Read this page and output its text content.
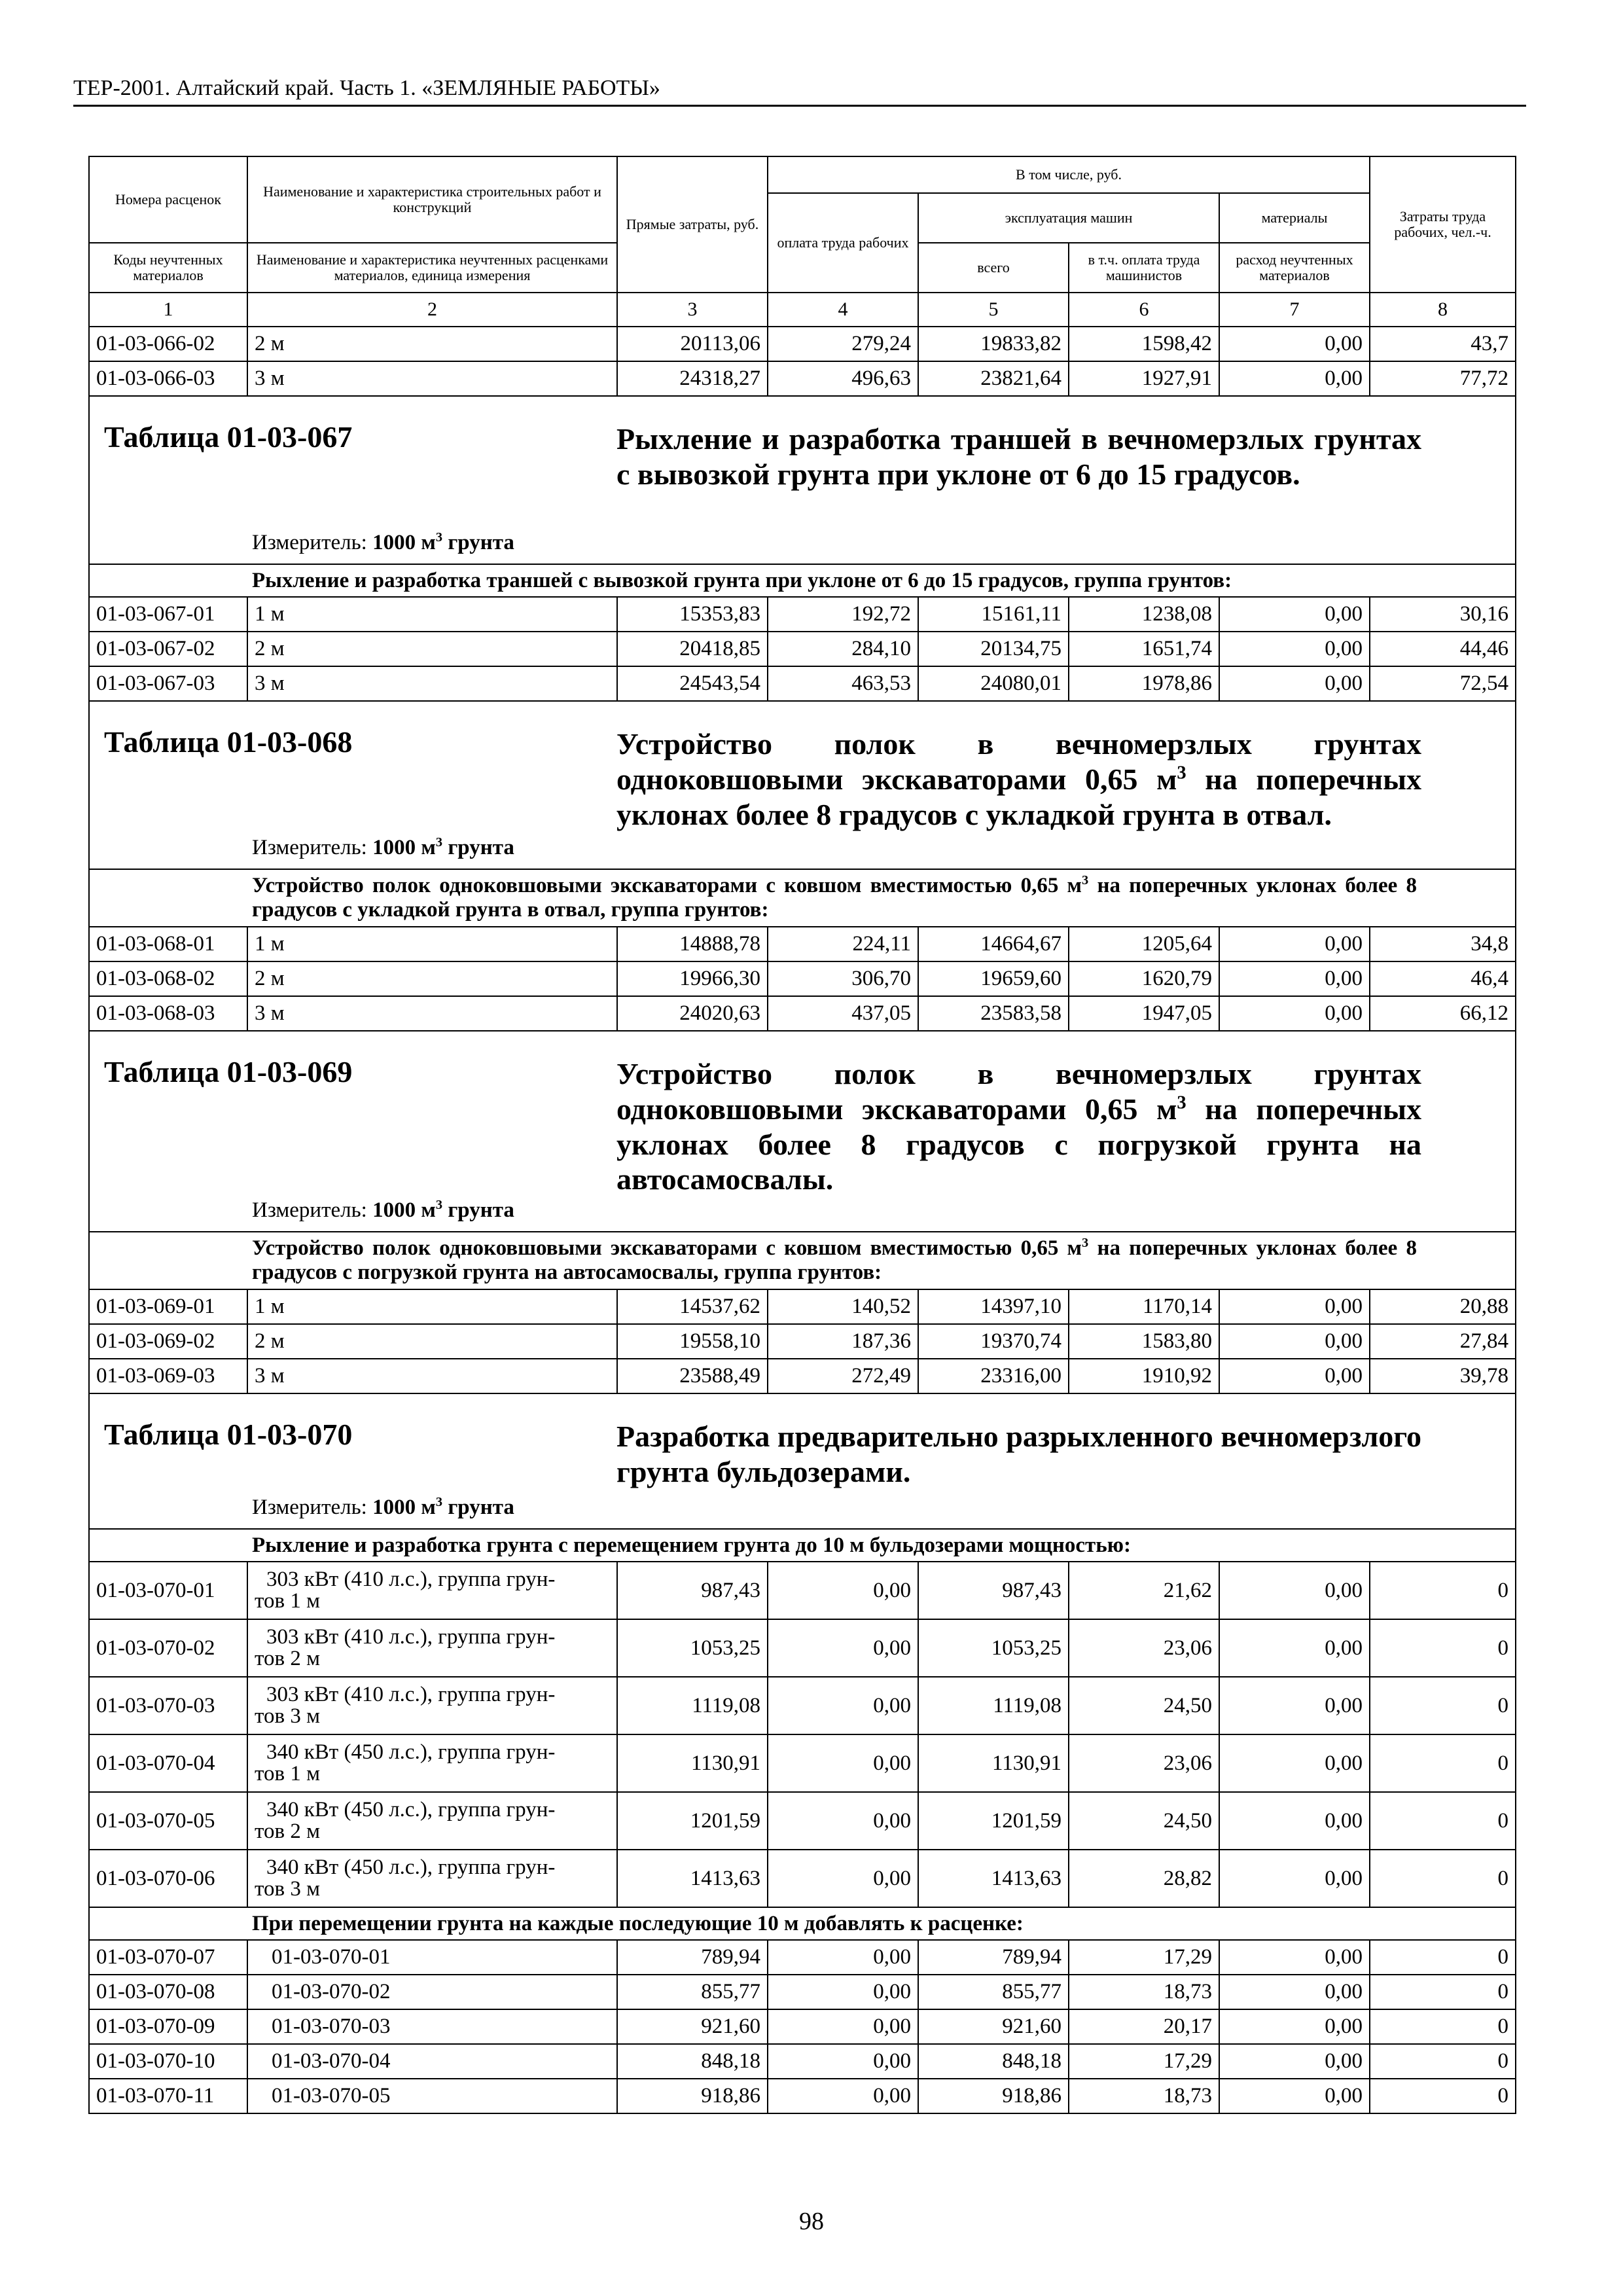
ТЕР-2001. Алтайский край. Часть 1. «ЗЕМЛЯНЫЕ РАБОТЫ»
Номера расценок	Наименование и характеристика строительных работ и конструкций	Прямые затраты, руб.	В том числе, руб.				Затраты труда рабочих, чел.-ч.
			оплата труда рабочих	эксплуатация машин		материалы	
Коды неучтенных материалов	Наименование и характеристика неучтенных расценками материалов, единица измерения			всего	в т.ч. оплата труда машинистов	расход неучтенных материалов	

1	2	3	4	5	6	7	8
01-03-066-02	2 м	20113,06	279,24	19833,82	1598,42	0,00	43,7
01-03-066-03	3 м	24318,27	496,63	23821,64	1927,91	0,00	77,72

Таблица 01-03-067 Рыхление и разработка траншей в вечномерзлых грунтах с вывозкой грунта при уклоне от 6 до 15 градусов.
Измеритель: 1000 $м^3$ грунта							

Рыхление и разработка траншей с вывозкой грунта при уклоне от 6 до 15 градусов, группа грунтов:							
01-03-067-01	1 м	15353,83	192,72	15161,11	1238,08	0,00	30,16
01-03-067-02	2 м	20418,85	284,10	20134,75	1651,74	0,00	44,46
01-03-067-03	3 м	24543,54	463,53	24080,01	1978,86	0,00	72,54

Таблица 01-03-068 Устройство полок в вечномерзлых грунтах одноковшовыми экскаваторами 0,65 $м^3$ на поперечных уклонах более 8 градусов с укладкой грунта в отвал.
Измеритель: 1000 $м^3$ грунта							

Устройство полок одноковшовыми экскаваторами с ковшом вместимостью 0,65 $м^3$ на поперечных уклонах более 8 градусов с укладкой грунта в отвал, группа грунтов:							
01-03-068-01	1 м	14888,78	224,11	14664,67	1205,64	0,00	34,8
01-03-068-02	2 м	19966,30	306,70	19659,60	1620,79	0,00	46,4
01-03-068-03	3 м	24020,63	437,05	23583,58	1947,05	0,00	66,12

Таблица 01-03-069 Устройство полок в вечномерзлых грунтах одноковшовыми экскаваторами 0,65 $м^3$ на поперечных уклонах более 8 градусов с погрузкой грунта на автосамосвалы.
Измеритель: 1000 $м^3$ грунта							

Устройство полок одноковшовыми экскаваторами с ковшом вместимостью 0,65 $м^3$ на поперечных уклонах более 8 градусов с погрузкой грунта на автосамосвалы, группа грунтов:							
01-03-069-01	1 м	14537,62	140,52	14397,10	1170,14	0,00	20,88
01-03-069-02	2 м	19558,10	187,36	19370,74	1583,80	0,00	27,84
01-03-069-03	3 м	23588,49	272,49	23316,00	1910,92	0,00	39,78

Таблица 01-03-070 Разработка предварительно разрыхленного вечномерзлого грунта бульдозерами.
Измеритель: 1000 $м^3$ грунта							

Рыхление и разработка грунта с перемещением грунта до 10 м бульдозерами мощностью:							
01-03-070-01	303 кВт (410 л.с.), группа грун-
тов 1 м	987,43	0,00	987,43	21,62	0,00	0
01-03-070-02	303 кВт (410 л.с.), группа грун-
тов 2 м	1053,25	0,00	1053,25	23,06	0,00	0
01-03-070-03	303 кВт (410 л.с.), группа грун-
тов 3 м	1119,08	0,00	1119,08	24,50	0,00	0
01-03-070-04	340 кВт (450 л.с.), группа грун-
тов 1 м	1130,91	0,00	1130,91	23,06	0,00	0
01-03-070-05	340 кВт (450 л.с.), группа грун-
тов 2 м	1201,59	0,00	1201,59	24,50	0,00	0
01-03-070-06	340 кВт (450 л.с.), группа грун-
тов 3 м	1413,63	0,00	1413,63	28,82	0,00	0
При перемещении грунта на каждые последующие 10 м добавлять к расценке:							
01-03-070-07	01-03-070-01	789,94	0,00	789,94	17,29	0,00	0
01-03-070-08	01-03-070-02	855,77	0,00	855,77	18,73	0,00	0
01-03-070-09	01-03-070-03	921,60	0,00	921,60	20,17	0,00	0
01-03-070-10	01-03-070-04	848,18	0,00	848,18	17,29	0,00	0
01-03-070-11	01-03-070-05	918,86	0,00	918,86	18,73	0,00	0
98
